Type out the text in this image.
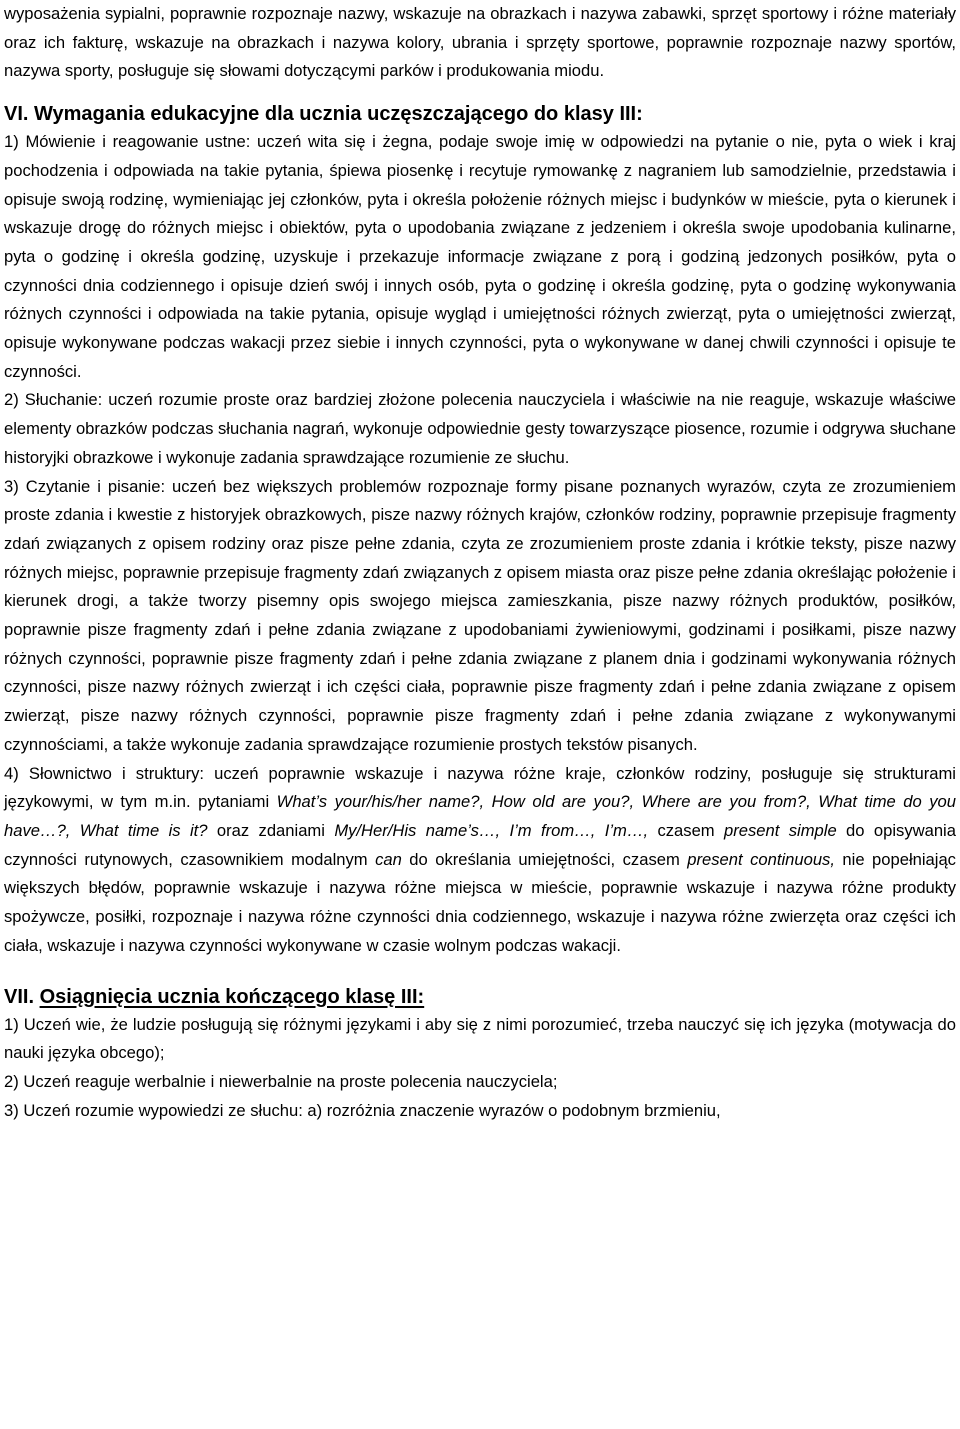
wyposażenia sypialni, poprawnie rozpoznaje nazwy, wskazuje na obrazkach i nazywa zabawki, sprzęt sportowy i różne materiały oraz ich fakturę, wskazuje na obrazkach i nazywa kolory, ubrania i sprzęty sportowe, poprawnie rozpoznaje nazwy sportów, nazywa sporty, posługuje się słowami dotyczącymi parków i produkowania miodu.

VI. Wymagania edukacyjne dla ucznia uczęszczającego do klasy III:

1) Mówienie i reagowanie ustne: uczeń wita się i żegna, podaje swoje imię w odpowiedzi na pytanie o nie, pyta o wiek i kraj pochodzenia i odpowiada na takie pytania, śpiewa piosenkę i recytuje rymowankę z nagraniem lub samodzielnie, przedstawia i opisuje swoją rodzinę, wymieniając jej członków, pyta i określa położenie różnych miejsc i budynków w mieście, pyta o kierunek i wskazuje drogę do różnych miejsc i obiektów, pyta o upodobania związane z jedzeniem i określa swoje upodobania kulinarne, pyta o godzinę i określa godzinę, uzyskuje i przekazuje informacje związane z porą i godziną jedzonych posiłków, pyta o czynności dnia codziennego i opisuje dzień swój i innych osób, pyta o godzinę i określa godzinę, pyta o godzinę wykonywania różnych czynności i odpowiada na takie pytania, opisuje wygląd i umiejętności różnych zwierząt, pyta o umiejętności zwierząt, opisuje wykonywane podczas wakacji przez siebie i innych czynności, pyta o wykonywane w danej chwili czynności i opisuje te czynności.

2) Słuchanie: uczeń rozumie proste oraz bardziej złożone polecenia nauczyciela i właściwie na nie reaguje, wskazuje właściwe elementy obrazków podczas słuchania nagrań, wykonuje odpowiednie gesty towarzyszące piosence, rozumie i odgrywa słuchane historyjki obrazkowe i wykonuje zadania sprawdzające rozumienie ze słuchu.

3) Czytanie i pisanie: uczeń bez większych problemów rozpoznaje formy pisane poznanych wyrazów, czyta ze zrozumieniem proste zdania i kwestie z historyjek obrazkowych, pisze nazwy różnych krajów, członków rodziny, poprawnie przepisuje fragmenty zdań związanych z opisem rodziny oraz pisze pełne zdania, czyta ze zrozumieniem proste zdania i krótkie teksty, pisze nazwy różnych miejsc, poprawnie przepisuje fragmenty zdań związanych z opisem miasta oraz pisze pełne zdania określając położenie i kierunek drogi, a także tworzy pisemny opis swojego miejsca zamieszkania, pisze nazwy różnych produktów, posiłków, poprawnie pisze fragmenty zdań i pełne zdania związane z upodobaniami żywieniowymi, godzinami i posiłkami, pisze nazwy różnych czynności, poprawnie pisze fragmenty zdań i pełne zdania związane z planem dnia i godzinami wykonywania różnych czynności, pisze nazwy różnych zwierząt i ich części ciała, poprawnie pisze fragmenty zdań i pełne zdania związane z opisem zwierząt, pisze nazwy różnych czynności, poprawnie pisze fragmenty zdań i pełne zdania związane z wykonywanymi czynnościami, a także wykonuje zadania sprawdzające rozumienie prostych tekstów pisanych.

4) Słownictwo i struktury: uczeń poprawnie wskazuje i nazywa różne kraje, członków rodziny, posługuje się strukturami językowymi, w tym m.in. pytaniami What’s your/his/her name?, How old are you?, Where are you from?, What time do you have…?, What time is it? oraz zdaniami My/Her/His name’s…, I’m from…, I’m…, czasem present simple do opisywania czynności rutynowych, czasownikiem modalnym can do określania umiejętności, czasem present continuous, nie popełniając większych błędów, poprawnie wskazuje i nazywa różne miejsca w mieście, poprawnie wskazuje i nazywa różne produkty spożywcze, posiłki, rozpoznaje i nazywa różne czynności dnia codziennego, wskazuje i nazywa różne zwierzęta oraz części ich ciała, wskazuje i nazywa czynności wykonywane w czasie wolnym podczas wakacji.

VII. Osiągnięcia ucznia kończącego klasę III:

1) Uczeń wie, że ludzie posługują się różnymi językami i aby się z nimi porozumieć, trzeba nauczyć się ich języka (motywacja do nauki języka obcego);

2) Uczeń reaguje werbalnie i niewerbalnie na proste polecenia nauczyciela;

3) Uczeń rozumie wypowiedzi ze słuchu: a) rozróżnia znaczenie wyrazów o podobnym brzmieniu,
